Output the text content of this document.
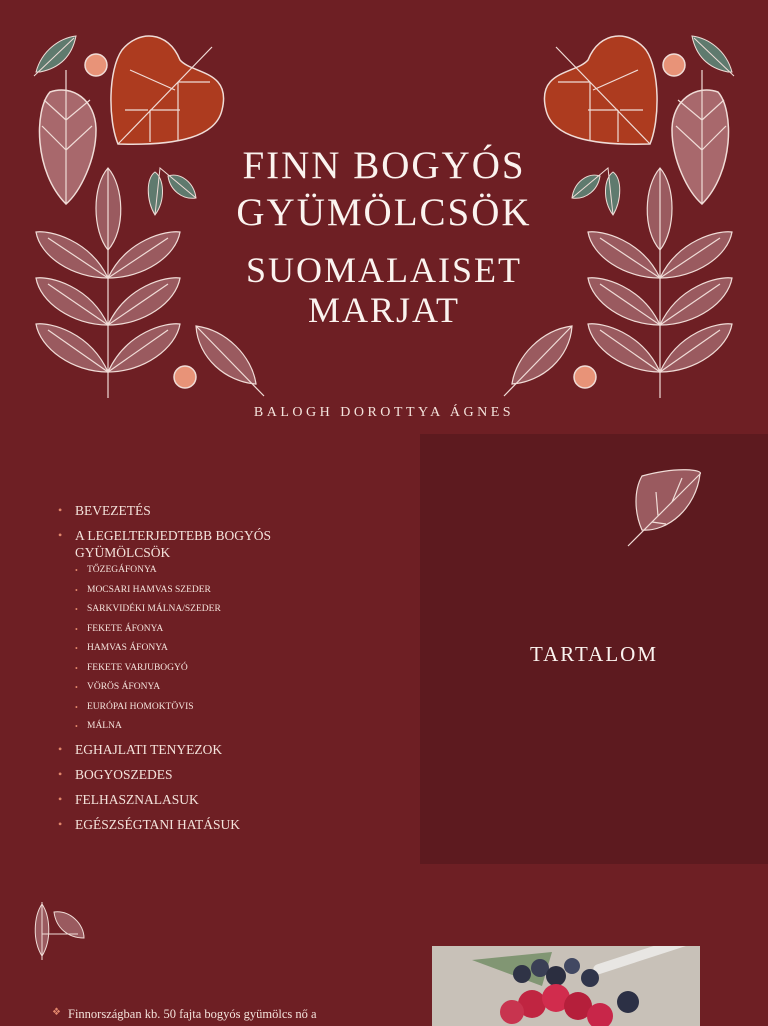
FINN BOGYÓS
GYÜMÖLCSÖK
SUOMALAISET
MARJAT
BALOGH DOROTTYA ÁGNES
• BEVEZETÉS
• A LEGELTERJEDTEBB BOGYÓS GYÜMÖLCSÖK
• TŐZEGÁFONYA
• MOCSARI HAMVAS SZEDER
• SARKVIDÉKI MÁLNA/SZEDER
• FEKETE ÁFONYA
• HAMVAS ÁFONYA
• FEKETE VARJUBOGYÓ
• VÖRÖS ÁFONYA
• EURÓPAI HOMOKTÖVIS
• MÁLNA
• EGHAJLATI TENYEZOK
• BOGYOSZEDES
• FELHASZNALASUK
• EGÉSZSÉGTANI HATÁSUK
TARTALOM
❖ Finnországban kb. 50 fajta bogyós gyümölcs nő a
